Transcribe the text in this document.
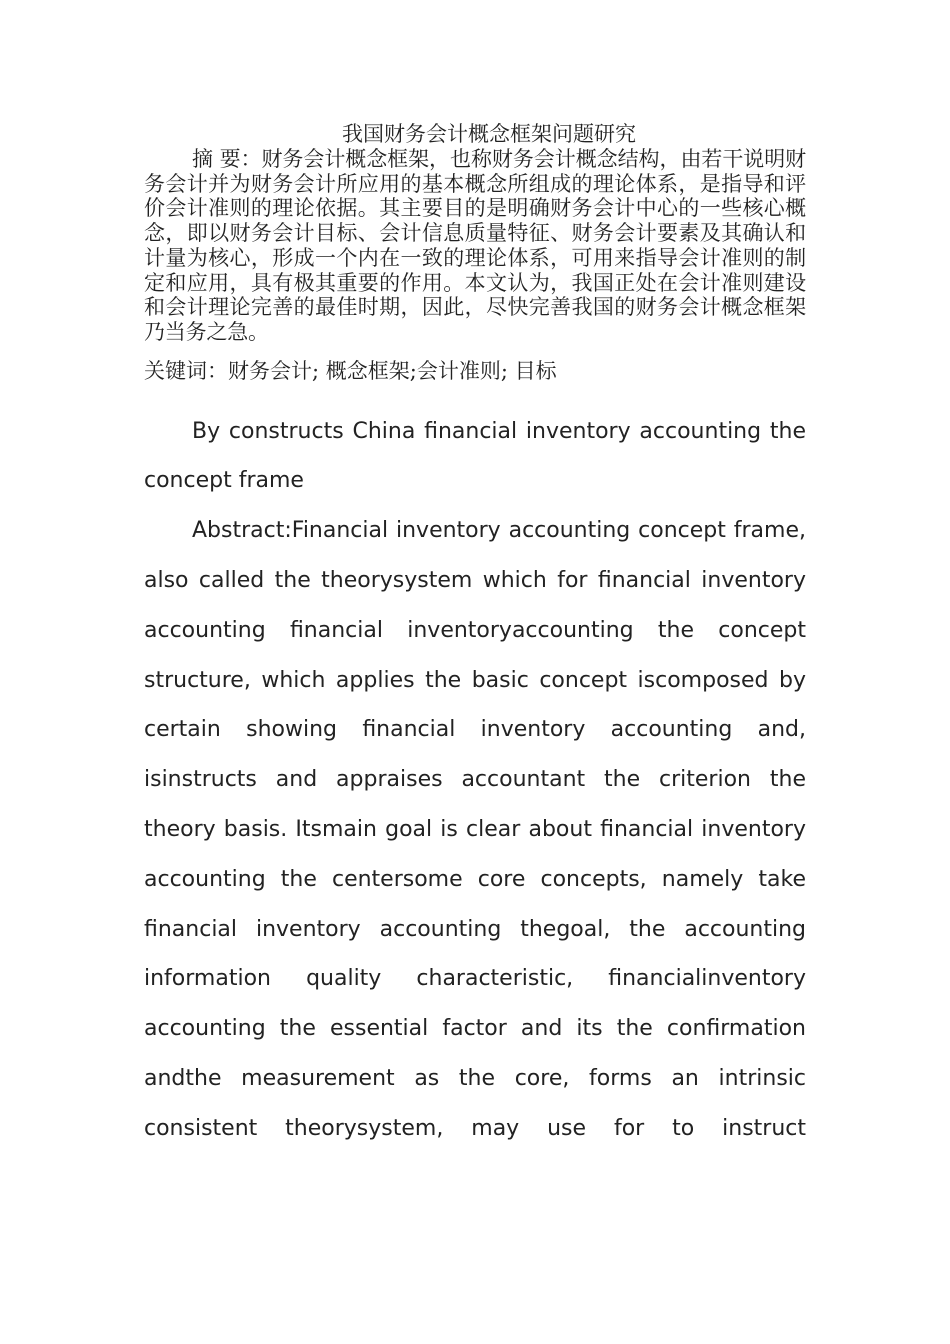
我国财务会计概念框架问题研究

摘 要：财务会计概念框架，也称财务会计概念结构，由若干说明财务会计并为财务会计所应用的基本概念所组成的理论体系，是指导和评价会计准则的理论依据。其主要目的是明确财务会计中心的一些核心概念，即以财务会计目标、会计信息质量特征、财务会计要素及其确认和计量为核心，形成一个内在一致的理论体系，可用来指导会计准则的制定和应用，具有极其重要的作用。本文认为，我国正处在会计准则建设和会计理论完善的最佳时期，因此，尽快完善我国的财务会计概念框架乃当务之急。

关键词：财务会计; 概念框架;会计准则; 目标

By constructs China financial inventory accounting the concept frame

Abstract:Financial inventory accounting concept frame, also called the theorysystem which for financial inventory accounting financial inventoryaccounting the concept structure, which applies the basic concept iscomposed by certain showing financial inventory accounting and, isinstructs and appraises accountant the criterion the theory basis. Itsmain goal is clear about financial inventory accounting the centersome core concepts, namely take financial inventory accounting thegoal, the accounting information quality characteristic, financialinventory accounting the essential factor and its the confirmation andthe measurement as the core, forms an intrinsic consistent theorysystem, may use for to instruct
